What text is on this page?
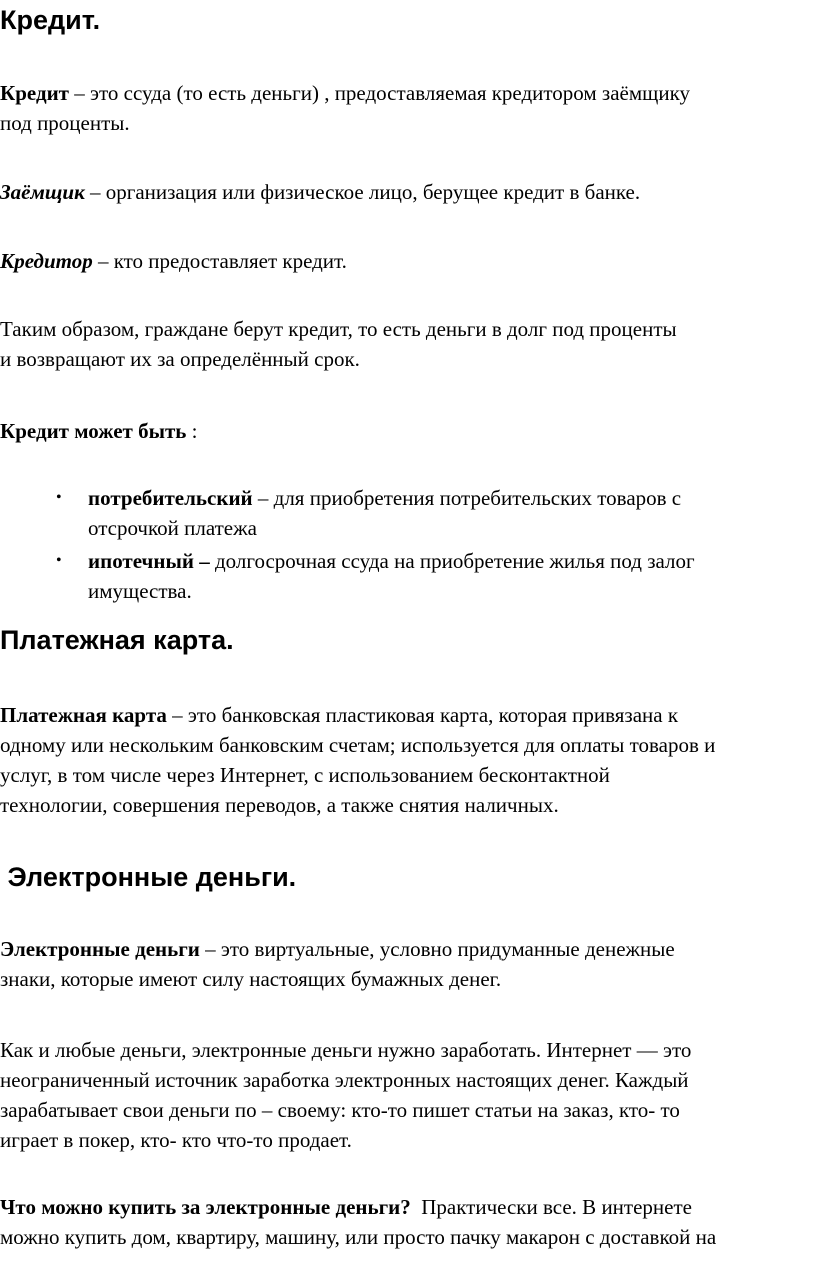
Кредит.

Кредит – это ссуда (то есть деньги) , предоставляемая кредитором заёмщику
под проценты.

Заёмщик – организация или физическое лицо, берущее кредит в банке.

Кредитор – кто предоставляет кредит.

Таким образом, граждане берут кредит, то есть деньги в долг под проценты
и возвращают их за определённый срок.

Кредит может быть :

• потребительский – для приобретения потребительских товаров с
отсрочкой платежа
• ипотечный – долгосрочная ссуда на приобретение жилья под залог
имущества.
Платежная карта.

Платежная карта – это банковская пластиковая карта, которая привязана к
одному или нескольким банковским счетам; используется для оплаты товаров и
услуг, в том числе через Интернет, с использованием бесконтактной
технологии, совершения переводов, а также снятия наличных.

Электронные деньги.

Электронные деньги – это виртуальные, условно придуманные денежные
знаки, которые имеют силу настоящих бумажных денег.

Как и любые деньги, электронные деньги нужно заработать. Интернет — это
неограниченный источник заработка электронных настоящих денег. Каждый
зарабатывает свои деньги по – своему: кто-то пишет статьи на заказ, кто- то
играет в покер, кто- кто что-то продает.

Что можно купить за электронные деньги?  Практически все. В интернете
можно купить дом, квартиру, машину, или просто пачку макарон с доставкой на
